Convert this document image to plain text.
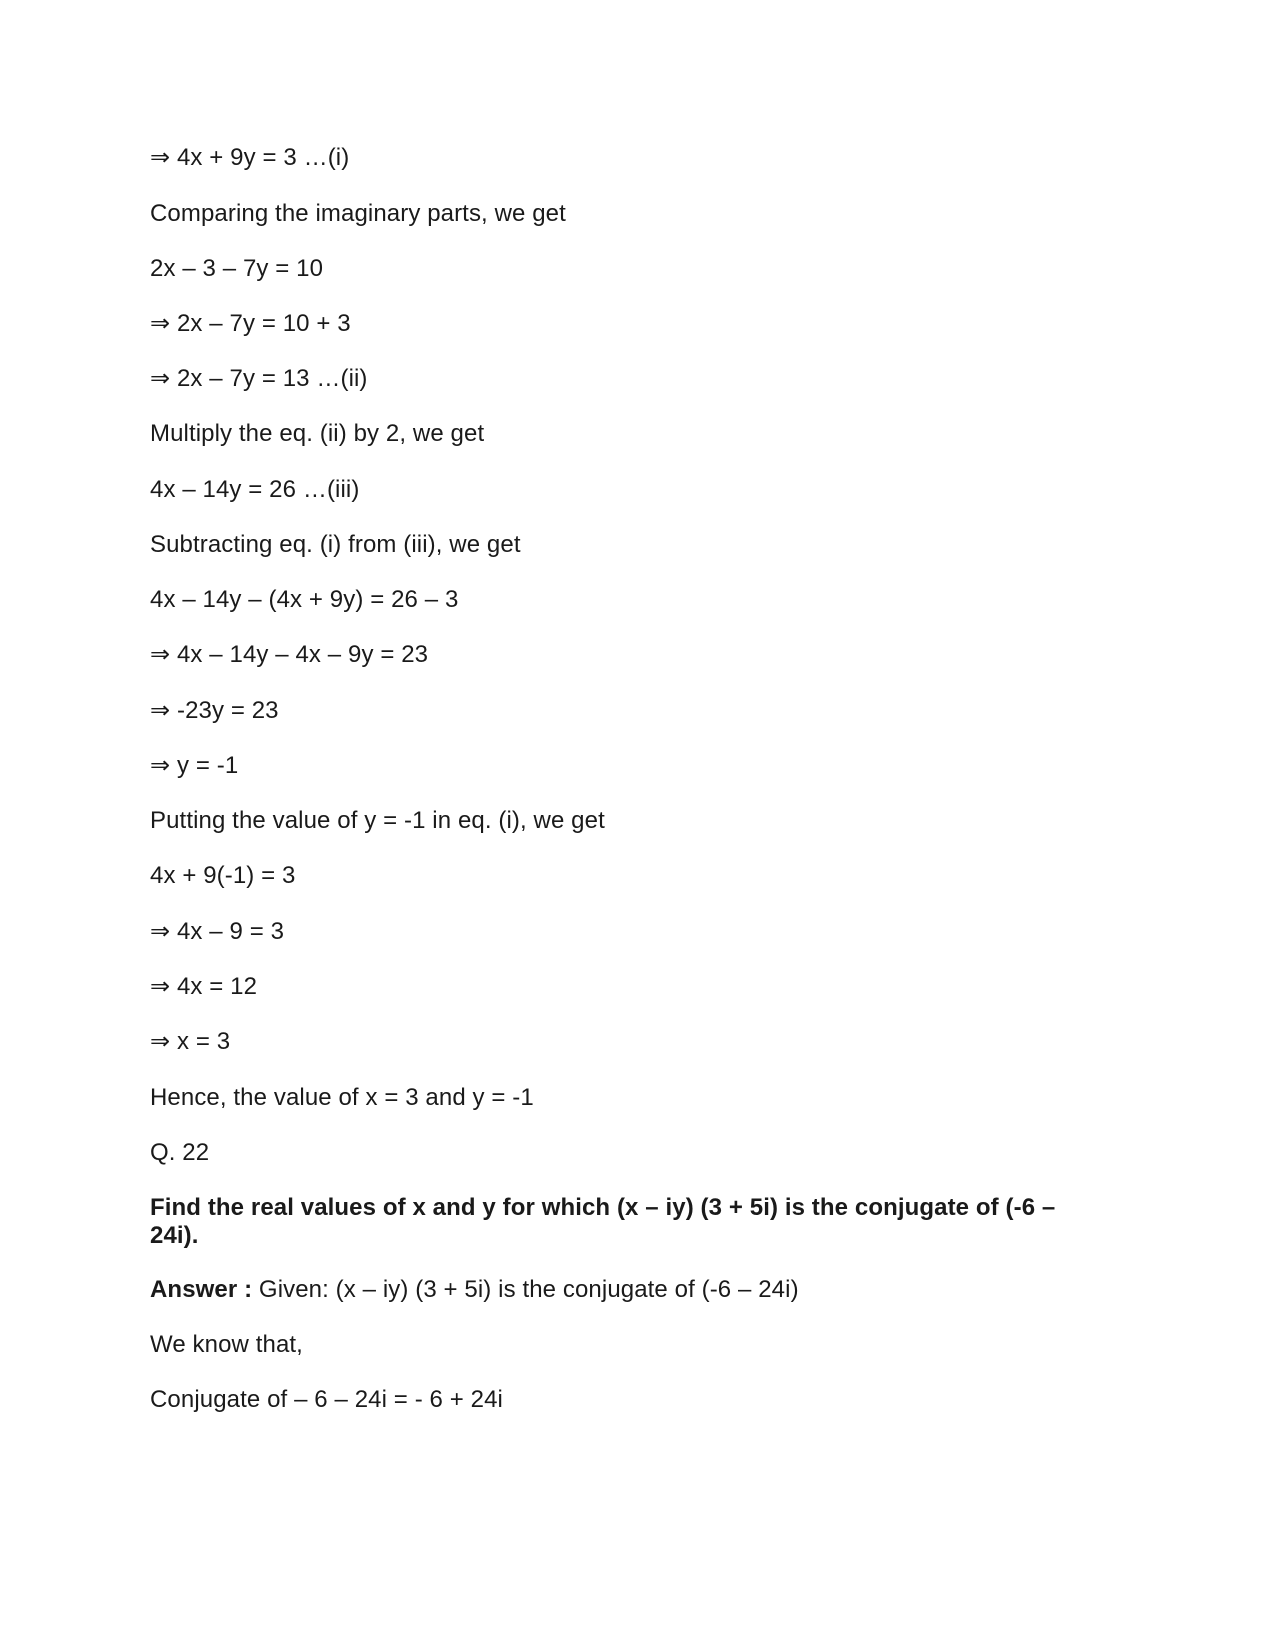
⇒ 4x + 9y = 3 …(i)
Comparing the imaginary parts, we get
2x – 3 – 7y = 10
⇒ 2x – 7y = 10 + 3
⇒ 2x – 7y = 13 …(ii)
Multiply the eq. (ii) by 2, we get
4x – 14y = 26 …(iii)
Subtracting eq. (i) from (iii), we get
4x – 14y – (4x + 9y) = 26 – 3
⇒ 4x – 14y – 4x – 9y = 23
⇒ -23y = 23
⇒ y = -1
Putting the value of y = -1 in eq. (i), we get
4x + 9(-1) = 3
⇒ 4x – 9 = 3
⇒ 4x = 12
⇒ x = 3
Hence, the value of x = 3 and y = -1
Q. 22
Find the real values of x and y for which (x – iy) (3 + 5i) is the conjugate of (-6 – 24i).
Answer : Given: (x – iy) (3 + 5i) is the conjugate of (-6 – 24i)
We know that,
Conjugate of – 6 – 24i = - 6 + 24i
